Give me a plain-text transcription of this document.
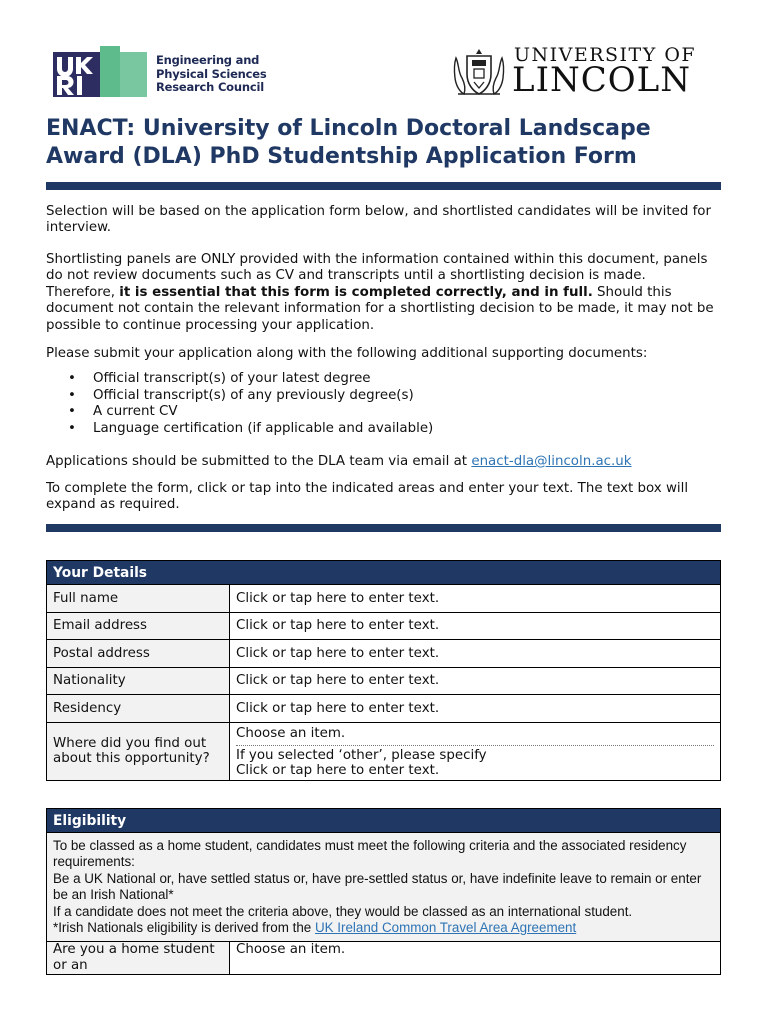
Engineering and
Physical Sciences
Research Council
UNIVERSITY OF
LINCOLN
ENACT: University of Lincoln Doctoral Landscape Award (DLA) PhD Studentship Application Form

Selection will be based on the application form below, and shortlisted candidates will be invited for interview.

Shortlisting panels are ONLY provided with the information contained within this document, panels do not review documents such as CV and transcripts until a shortlisting decision is made. Therefore, it is essential that this form is completed correctly, and in full. Should this document not contain the relevant information for a shortlisting decision to be made, it may not be possible to continue processing your application.

Please submit your application along with the following additional supporting documents:

• Official transcript(s) of your latest degree
• Official transcript(s) of any previously degree(s)
• A current CV
• Language certification (if applicable and available)

Applications should be submitted to the DLA team via email at enact-dla@lincoln.ac.uk

To complete the form, click or tap into the indicated areas and enter your text. The text box will expand as required.

Your Details	
Full name	Click or tap here to enter text.
Email address	Click or tap here to enter text.
Postal address	Click or tap here to enter text.
Nationality	Click or tap here to enter text.
Residency	Click or tap here to enter text.
Where did you find out about this opportunity?	Choose an item.
If you selected ‘other’, please specify
Click or tap here to enter text.
Eligibility

To be classed as a home student, candidates must meet the following criteria and the associated residency requirements:
Be a UK National or, have settled status or, have pre-settled status or, have indefinite leave to remain or enter be an Irish National*
If a candidate does not meet the criteria above, they would be classed as an international student.
*Irish Nationals eligibility is derived from the UK Ireland Common Travel Area Agreement

Are you a home student or an	Choose an item.
